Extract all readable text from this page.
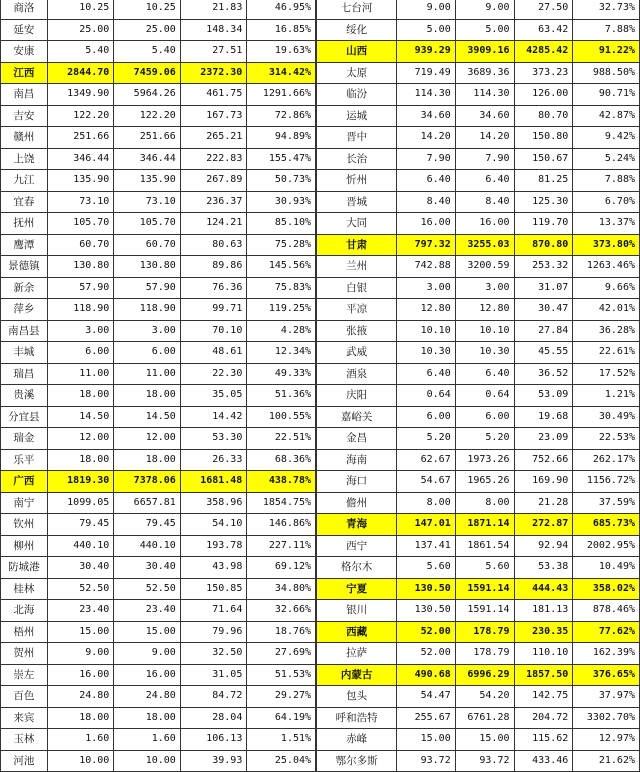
商洛	10.25	10.25	21.83	46.95%
延安	25.00	25.00	148.34	16.85%
安康	5.40	5.40	27.51	19.63%
江西	2844.70	7459.06	2372.30	314.42%
南昌	1349.90	5964.26	461.75	1291.66%
吉安	122.20	122.20	167.73	72.86%
赣州	251.66	251.66	265.21	94.89%
上饶	346.44	346.44	222.83	155.47%
九江	135.90	135.90	267.89	50.73%
宜春	73.10	73.10	236.37	30.93%
抚州	105.70	105.70	124.21	85.10%
鹰潭	60.70	60.70	80.63	75.28%
景德镇	130.80	130.80	89.86	145.56%
新余	57.90	57.90	76.36	75.83%
萍乡	118.90	118.90	99.71	119.25%
南昌县	3.00	3.00	70.10	4.28%
丰城	6.00	6.00	48.61	12.34%
瑞昌	11.00	11.00	22.30	49.33%
贵溪	18.00	18.00	35.05	51.36%
分宜县	14.50	14.50	14.42	100.55%
瑞金	12.00	12.00	53.30	22.51%
乐平	18.00	18.00	26.33	68.36%
广西	1819.30	7378.06	1681.48	438.78%
南宁	1099.05	6657.81	358.96	1854.75%
钦州	79.45	79.45	54.10	146.86%
柳州	440.10	440.10	193.78	227.11%
防城港	30.40	30.40	43.98	69.12%
桂林	52.50	52.50	150.85	34.80%
北海	23.40	23.40	71.64	32.66%
梧州	15.00	15.00	79.96	18.76%
贺州	9.00	9.00	32.50	27.69%
崇左	16.00	16.00	31.05	51.53%
百色	24.80	24.80	84.72	29.27%
来宾	18.00	18.00	28.04	64.19%
玉林	1.60	1.60	106.13	1.51%
河池	10.00	10.00	39.93	25.04%
七台河	9.00	9.00	27.50	32.73%
绥化	5.00	5.00	63.42	7.88%
山西	939.29	3909.16	4285.42	91.22%
太原	719.49	3689.36	373.23	988.50%
临汾	114.30	114.30	126.00	90.71%
运城	34.60	34.60	80.70	42.87%
晋中	14.20	14.20	150.80	9.42%
长治	7.90	7.90	150.67	5.24%
忻州	6.40	6.40	81.25	7.88%
晋城	8.40	8.40	125.30	6.70%
大同	16.00	16.00	119.70	13.37%
甘肃	797.32	3255.03	870.80	373.80%
兰州	742.88	3200.59	253.32	1263.46%
白银	3.00	3.00	31.07	9.66%
平凉	12.80	12.80	30.47	42.01%
张掖	10.10	10.10	27.84	36.28%
武威	10.30	10.30	45.55	22.61%
酒泉	6.40	6.40	36.52	17.52%
庆阳	0.64	0.64	53.09	1.21%
嘉峪关	6.00	6.00	19.68	30.49%
金昌	5.20	5.20	23.09	22.53%
海南	62.67	1973.26	752.66	262.17%
海口	54.67	1965.26	169.90	1156.72%
儋州	8.00	8.00	21.28	37.59%
青海	147.01	1871.14	272.87	685.73%
西宁	137.41	1861.54	92.94	2002.95%
格尔木	5.60	5.60	53.38	10.49%
宁夏	130.50	1591.14	444.43	358.02%
银川	130.50	1591.14	181.13	878.46%
西藏	52.00	178.79	230.35	77.62%
拉萨	52.00	178.79	110.10	162.39%
内蒙古	490.68	6996.29	1857.50	376.65%
包头	54.47	54.20	142.75	37.97%
呼和浩特	255.67	6761.28	204.72	3302.70%
赤峰	15.00	15.00	115.62	12.97%
鄂尔多斯	93.72	93.72	433.46	21.62%
